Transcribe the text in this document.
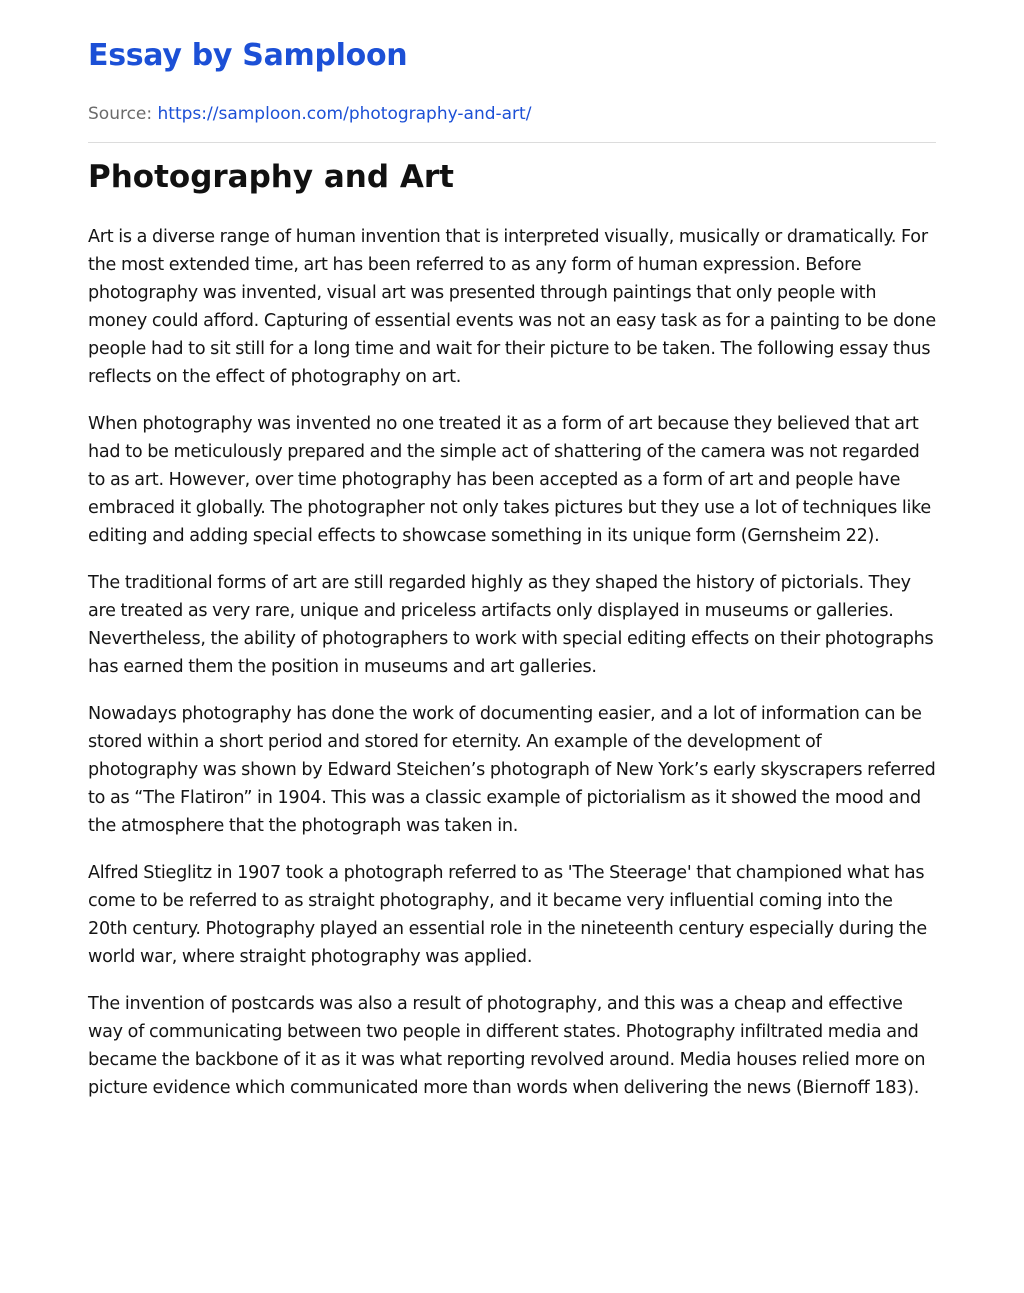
Essay by Samploon
Source: https://samploon.com/photography-and-art/
Photography and Art

Art is a diverse range of human invention that is interpreted visually, musically or dramatically. For the most extended time, art has been referred to as any form of human expression. Before photography was invented, visual art was presented through paintings that only people with money could afford. Capturing of essential events was not an easy task as for a painting to be done people had to sit still for a long time and wait for their picture to be taken. The following essay thus reflects on the effect of photography on art.

When photography was invented no one treated it as a form of art because they believed that art had to be meticulously prepared and the simple act of shattering of the camera was not regarded to as art. However, over time photography has been accepted as a form of art and people have embraced it globally. The photographer not only takes pictures but they use a lot of techniques like editing and adding special effects to showcase something in its unique form (Gernsheim 22).

The traditional forms of art are still regarded highly as they shaped the history of pictorials. They are treated as very rare, unique and priceless artifacts only displayed in museums or galleries. Nevertheless, the ability of photographers to work with special editing effects on their photographs has earned them the position in museums and art galleries.

Nowadays photography has done the work of documenting easier, and a lot of information can be stored within a short period and stored for eternity. An example of the development of photography was shown by Edward Steichen’s photograph of New York’s early skyscrapers referred to as “The Flatiron” in 1904. This was a classic example of pictorialism as it showed the mood and the atmosphere that the photograph was taken in.

Alfred Stieglitz in 1907 took a photograph referred to as 'The Steerage' that championed what has come to be referred to as straight photography, and it became very influential coming into the 20th century. Photography played an essential role in the nineteenth century especially during the world war, where straight photography was applied.

The invention of postcards was also a result of photography, and this was a cheap and effective way of communicating between two people in different states. Photography infiltrated media and became the backbone of it as it was what reporting revolved around. Media houses relied more on picture evidence which communicated more than words when delivering the news (Biernoff 183).
